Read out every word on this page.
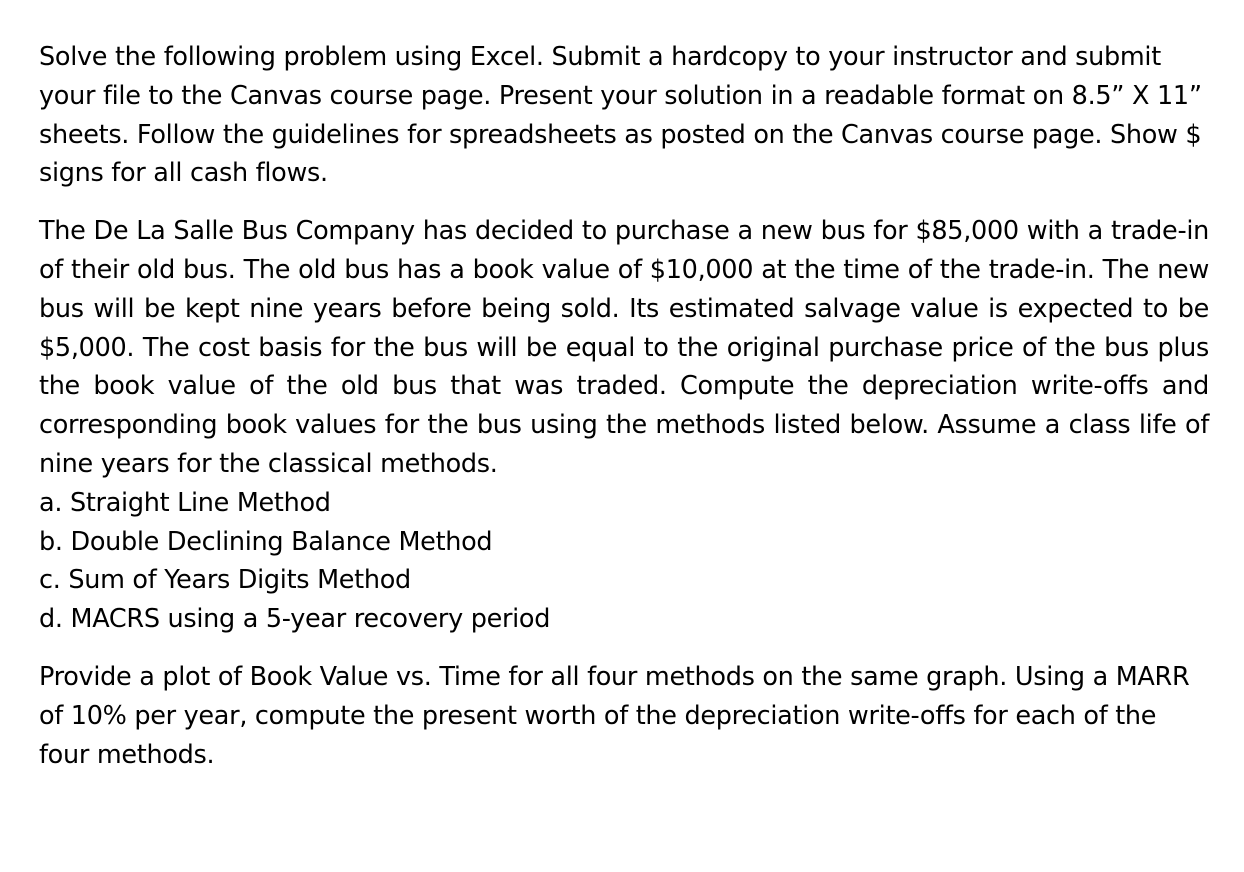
Solve the following problem using Excel. Submit a hardcopy to your instructor and submit your file to the Canvas course page. Present your solution in a readable format on 8.5” X 11” sheets. Follow the guidelines for spreadsheets as posted on the Canvas course page. Show $ signs for all cash flows.

The De La Salle Bus Company has decided to purchase a new bus for $85,000 with a trade-in of their old bus. The old bus has a book value of $10,000 at the time of the trade-in. The new bus will be kept nine years before being sold. Its estimated salvage value is expected to be $5,000. The cost basis for the bus will be equal to the original purchase price of the bus plus the book value of the old bus that was traded. Compute the depreciation write-offs and corresponding book values for the bus using the methods listed below. Assume a class life of nine years for the classical methods.

a. Straight Line Method

b. Double Declining Balance Method

c. Sum of Years Digits Method

d. MACRS using a 5-year recovery period

Provide a plot of Book Value vs. Time for all four methods on the same graph. Using a MARR of 10% per year, compute the present worth of the depreciation write-offs for each of the four methods.
